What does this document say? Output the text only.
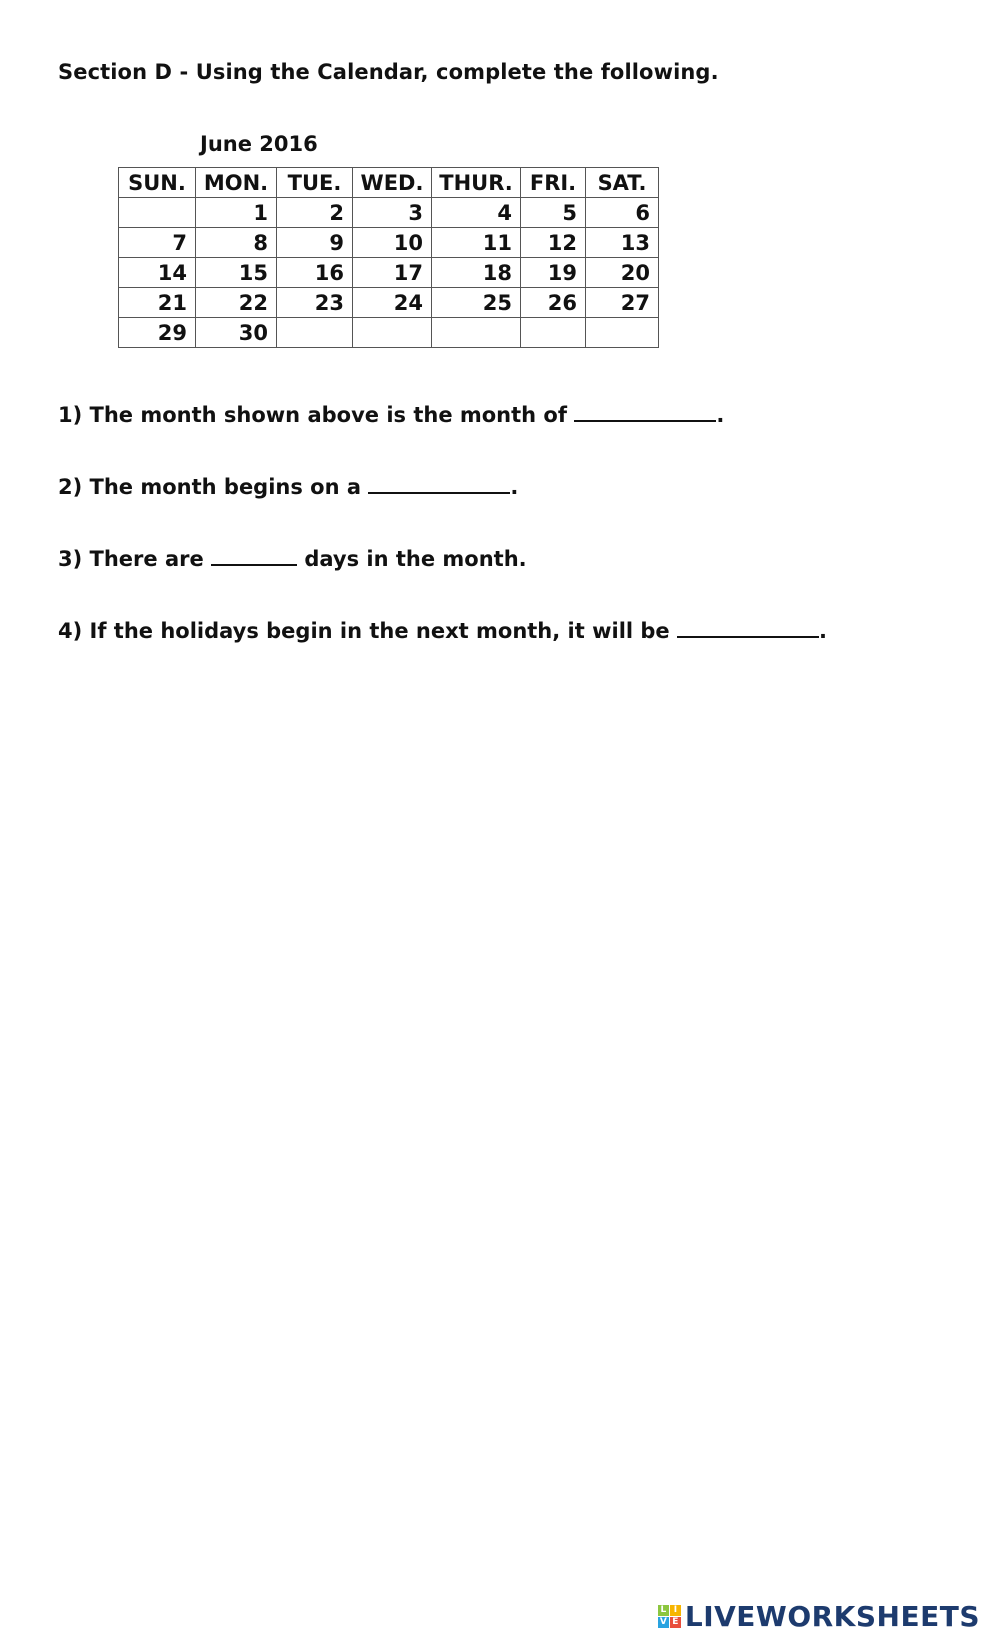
Section D - Using the Calendar, complete the following.
June 2016
SUN.	MON.	TUE.	WED.	THUR.	FRI.	SAT.
	1	2	3	4	5	6
7	8	9	10	11	12	13
14	15	16	17	18	19	20
21	22	23	24	25	26	27
29	30					
1) The month shown above is the month of	.
2) The month begins on a	.
3) There are	days in the month.
4) If the holidays begin in the next month, it will be	.
L I
V E LIVEWORKSHEETS
